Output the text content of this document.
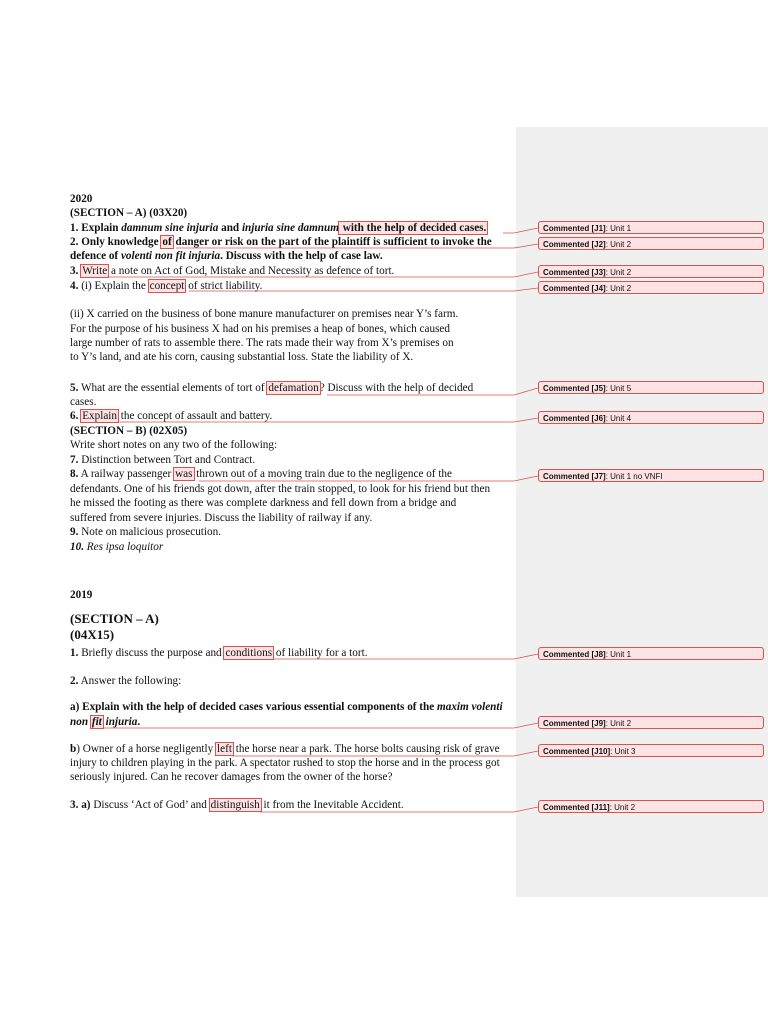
2020
(SECTION – A) (03X20)
1. Explain damnum sine injuria and injuria sine damnum with the help of decided cases.
2. Only knowledge of danger or risk on the part of the plaintiff is sufficient to invoke the
defence of volenti non fit injuria. Discuss with the help of case law.
3. Write a note on Act of God, Mistake and Necessity as defence of tort.
4. (i) Explain the concept of strict liability.
(ii) X carried on the business of bone manure manufacturer on premises near Y’s farm.
For the purpose of his business X had on his premises a heap of bones, which caused
large number of rats to assemble there. The rats made their way from X’s premises on
to Y’s land, and ate his corn, causing substantial loss. State the liability of X.
5. What are the essential elements of tort of defamation? Discuss with the help of decided
cases.
6. Explain the concept of assault and battery.
(SECTION – B) (02X05)
Write short notes on any two of the following:
7. Distinction between Tort and Contract.
8. A railway passenger was thrown out of a moving train due to the negligence of the
defendants. One of his friends got down, after the train stopped, to look for his friend but then
he missed the footing as there was complete darkness and fell down from a bridge and
suffered from severe injuries. Discuss the liability of railway if any.
9. Note on malicious prosecution.
10. Res ipsa loquitor
2019
(SECTION – A)
(04X15)
1. Briefly discuss the purpose and conditions of liability for a tort.
2. Answer the following:
a) Explain with the help of decided cases various essential components of the maxim volenti
non fit injuria.
b) Owner of a horse negligently left the horse near a park. The horse bolts causing risk of grave
injury to children playing in the park. A spectator rushed to stop the horse and in the process got
seriously injured. Can he recover damages from the owner of the horse?
3. a) Discuss ‘Act of God’ and distinguish it from the Inevitable Accident.
Commented [J1]: Unit 1
Commented [J2]: Unit 2
Commented [J3]: Unit 2
Commented [J4]: Unit 2
Commented [J5]: Unit 5
Commented [J6]: Unit 4
Commented [J7]: Unit 1 no VNFI
Commented [J8]: Unit 1
Commented [J9]: Unit 2
Commented [J10]: Unit 3
Commented [J11]: Unit 2
